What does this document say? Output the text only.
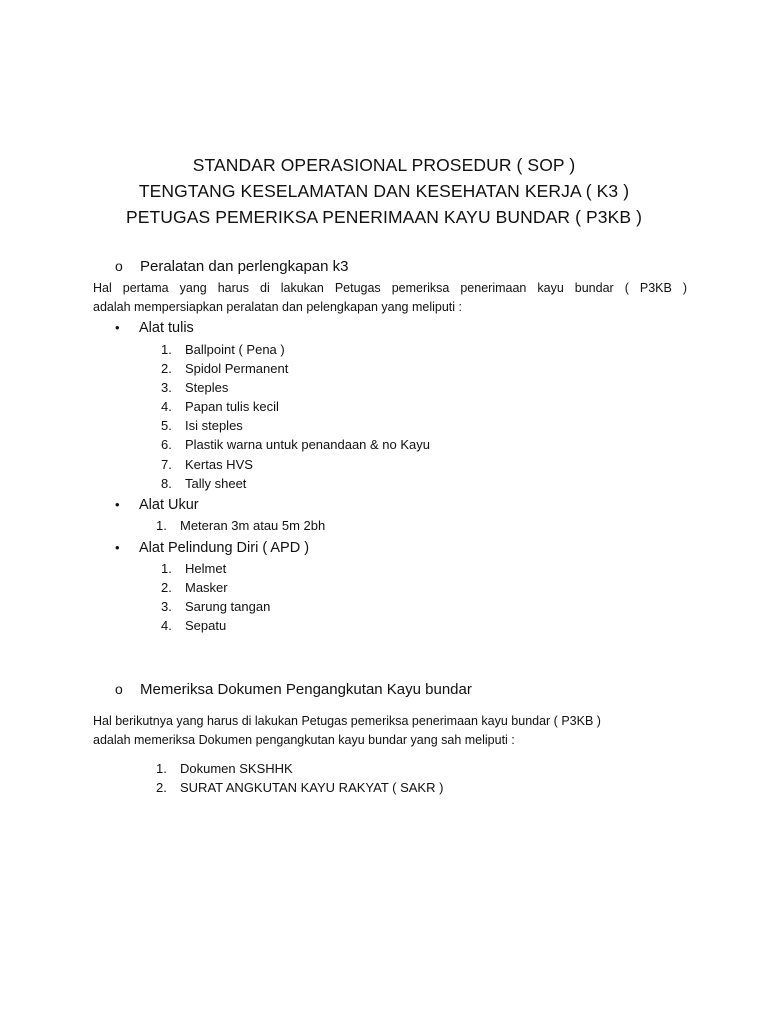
STANDAR OPERASIONAL PROSEDUR ( SOP )
TENGTANG KESELAMATAN DAN KESEHATAN KERJA ( K3 )
PETUGAS PEMERIKSA PENERIMAAN KAYU BUNDAR ( P3KB )
o Peralatan dan perlengkapan k3
Hal pertama yang harus di lakukan Petugas pemeriksa penerimaan kayu bundar ( P3KB )
adalah mempersiapkan peralatan dan pelengkapan yang meliputi :
• Alat tulis
1. Ballpoint ( Pena )
2. Spidol Permanent
3. Steples
4. Papan tulis kecil
5. Isi steples
6. Plastik warna untuk penandaan & no Kayu
7. Kertas HVS
8. Tally sheet
• Alat Ukur
1. Meteran 3m atau 5m 2bh
• Alat Pelindung Diri ( APD )
1. Helmet
2. Masker
3. Sarung tangan
4. Sepatu
o Memeriksa Dokumen Pengangkutan Kayu bundar
Hal berikutnya yang harus di lakukan Petugas pemeriksa penerimaan kayu bundar ( P3KB )
adalah memeriksa Dokumen pengangkutan kayu bundar yang sah meliputi :
1. Dokumen SKSHHK
2. SURAT ANGKUTAN KAYU RAKYAT ( SAKR )
